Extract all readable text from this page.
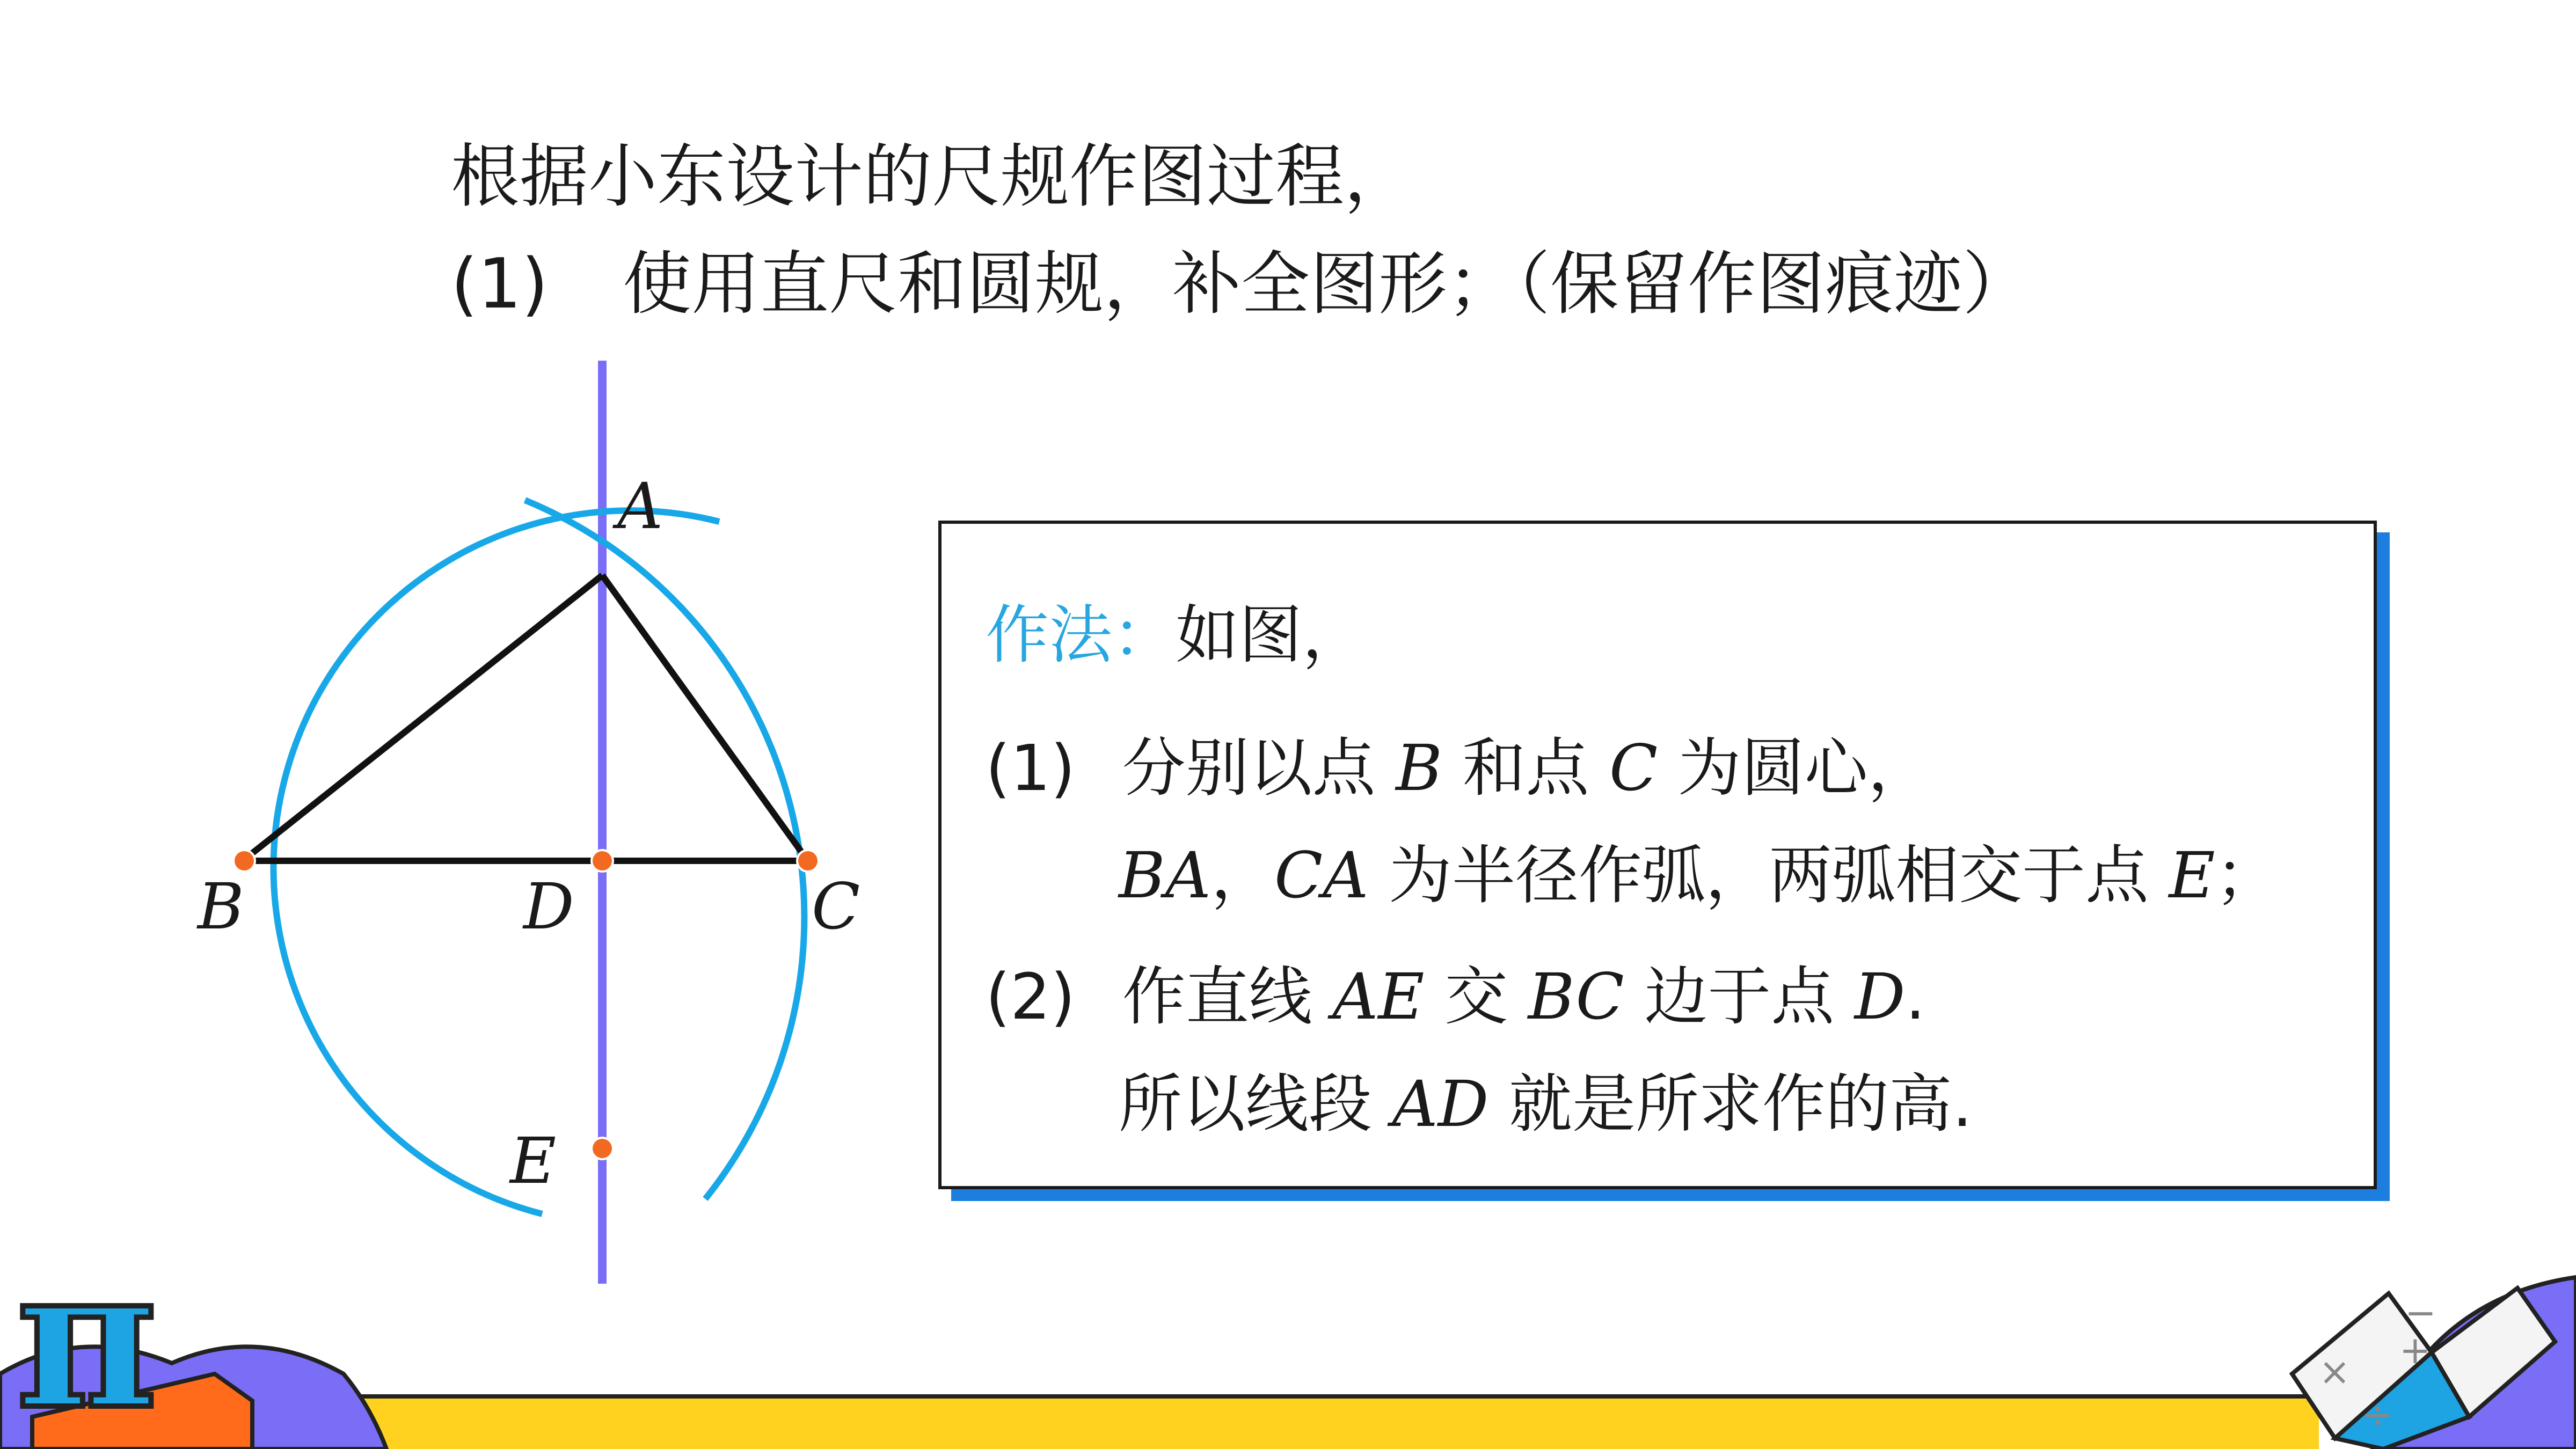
根据小东设计的尺规作图过程，
(1)	使用直尺和圆规，补全图形；（保留作图痕迹）
A
B	D	C
E
作法：如图，
(1) 分别以点 B 和点 C 为圆心，
BA，CA 为半径作弧，两弧相交于点 E；
(2) 作直线 AE 交 BC 边于点 D.
所以线段 AD 就是所求作的高.
π	×
÷
−
+
